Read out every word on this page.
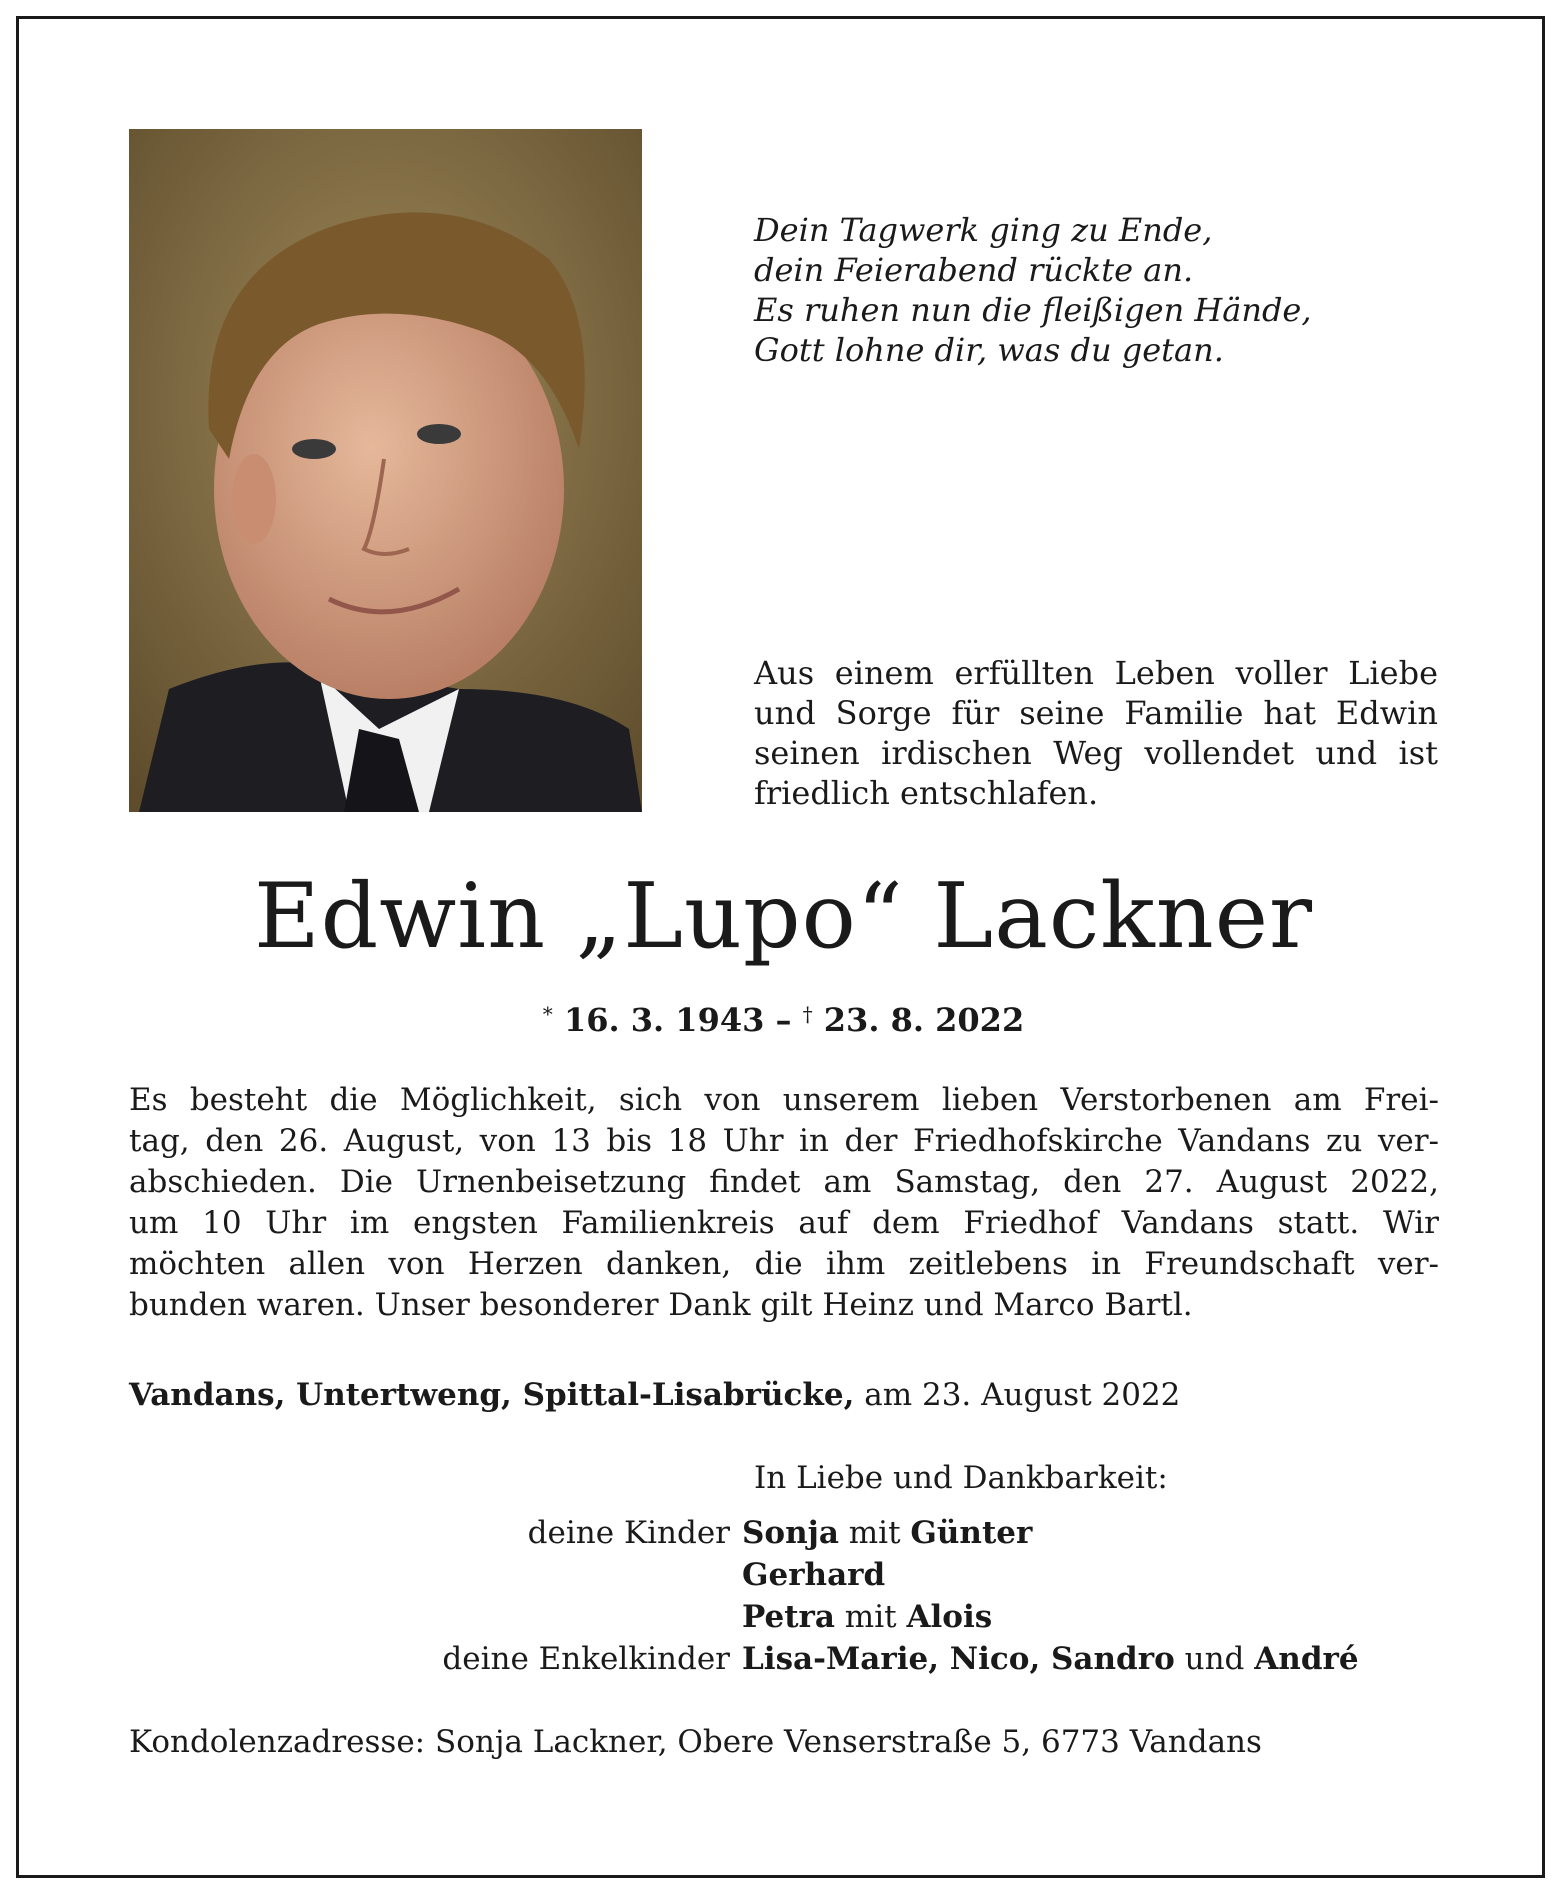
Dein Tagwerk ging zu Ende,
dein Feierabend rückte an.
Es ruhen nun die fleißigen Hände,
Gott lohne dir, was du getan.
Aus einem erfüllten Leben voller Liebe
und Sorge für seine Familie hat Edwin
seinen irdischen Weg vollendet und ist
friedlich entschlafen.
Edwin „Lupo“ Lackner
* 16. 3. 1943 – † 23. 8. 2022
Es besteht die Möglichkeit, sich von unserem lieben Verstorbenen am Frei-
tag, den 26. August, von 13 bis 18 Uhr in der Friedhofskirche Vandans zu ver-
abschieden. Die Urnenbeisetzung findet am Samstag, den 27. August 2022,
um 10 Uhr im engsten Familienkreis auf dem Friedhof Vandans statt. Wir
möchten allen von Herzen danken, die ihm zeitlebens in Freundschaft ver-
bunden waren. Unser besonderer Dank gilt Heinz und Marco Bartl.
Vandans, Untertweng, Spittal-Lisabrücke, am 23. August 2022
In Liebe und Dankbarkeit:
deine Kinder Sonja mit Günter
Gerhard
Petra mit Alois
deine Enkelkinder Lisa-Marie, Nico, Sandro und André
Kondolenzadresse: Sonja Lackner, Obere Venserstraße 5, 6773 Vandans
